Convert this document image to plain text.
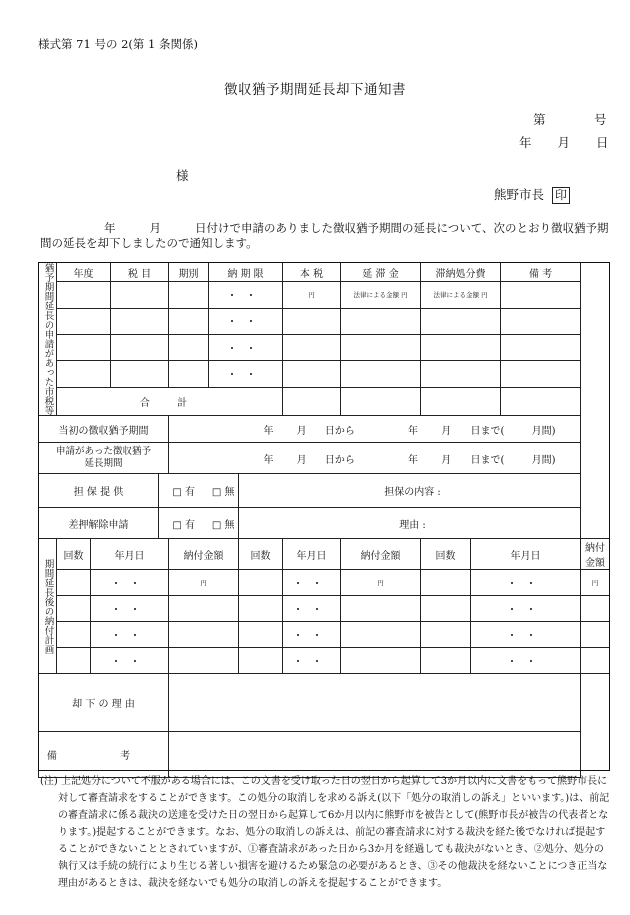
様式第 71 号の 2(第 1 条関係)
徴収猶予期間延長却下通知書
第	号
年 月 日
様
熊野市長 印
年	月	日付けで申請のありました徴収猶予期間の延長について、次のとおり徴収猶予期
間の延長を却下しましたので通知します。
猶予期間延長の申請があった市税等	年度		税 目		期別	納 期 限		本 税	延 滞 金	滞納処分費		備 考	
						・・		円	法律による金額 円	法律による金額 円			
						・・							
						・・							
						・・							
	合 計												
当初の徴収猶予期間					年 月 日から 年 月 日まで( 月間)								
申請があった徴収猶予延長期間					年 月 日から 年 月 日まで( 月間)								
担 保 提 供				□ 有		□ 無	担保の内容 :						
差押解除申請				□ 有		□ 無	理由 :						

期間延長後の納付計画	回数	年月日			納付金額		回数	年月日	納付金額	回数	年月日		納付金額
		・・			円			・・	円		・・		円
		・・						・・			・・		
		・・						・・			・・		
		・・						・・			・・		
却 下 の 理 由													
備 考													
(注) 上記処分について不服がある場合には、この文書を受け取った日の翌日から起算して3か月以内に文書をもって熊野市長に対して審査請求をすることができます。この処分の取消しを求める訴え(以下「処分の取消しの訴え」といいます。)は、前記の審査請求に係る裁決の送達を受けた日の翌日から起算して6か月以内に熊野市を被告として(熊野市長が被告の代表者となります。)提起することができます。なお、処分の取消しの訴えは、前記の審査請求に対する裁決を経た後でなければ提起することができないこととされていますが、①審査請求があった日から3か月を経過しても裁決がないとき、②処分、処分の執行又は手続の続行により生じる著しい損害を避けるため緊急の必要があるとき、③その他裁決を経ないことにつき正当な理由があるときは、裁決を経ないでも処分の取消しの訴えを提起することができます。
